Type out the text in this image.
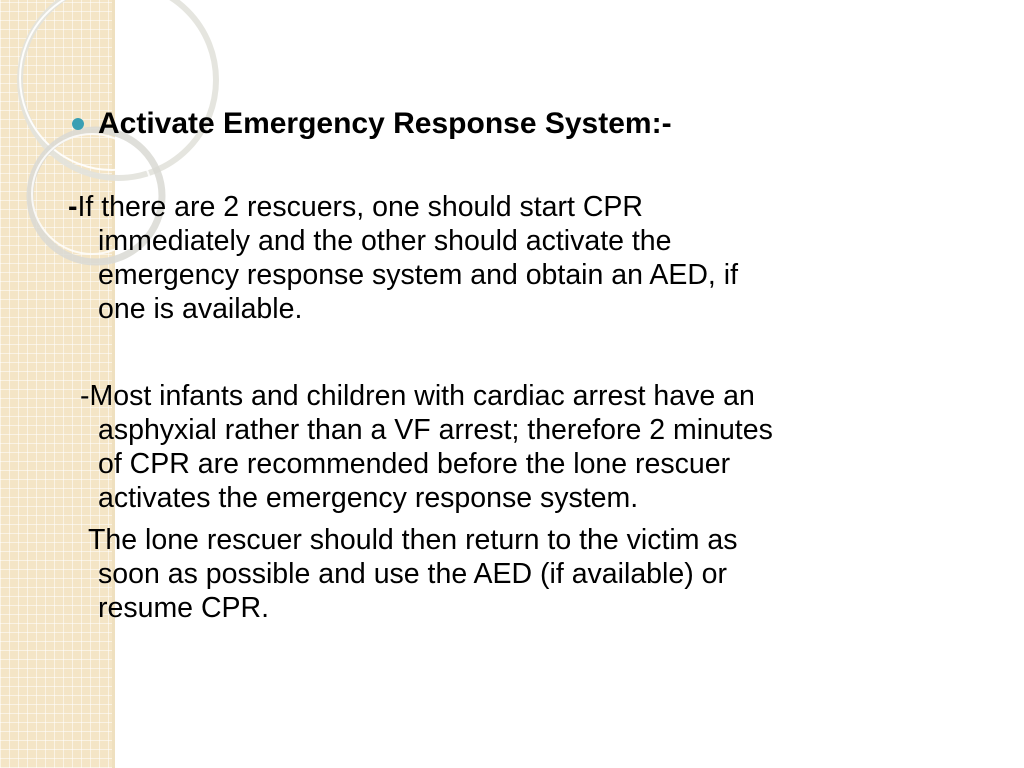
Activate Emergency Response System:-
-If there are 2 rescuers, one should start CPR
immediately and the other should activate the
emergency response system and obtain an AED, if
one is available.
-Most infants and children with cardiac arrest have an
asphyxial rather than a VF arrest; therefore 2 minutes
of CPR are recommended before the lone rescuer
activates the emergency response system.
The lone rescuer should then return to the victim as
soon as possible and use the AED (if available) or
resume CPR.
